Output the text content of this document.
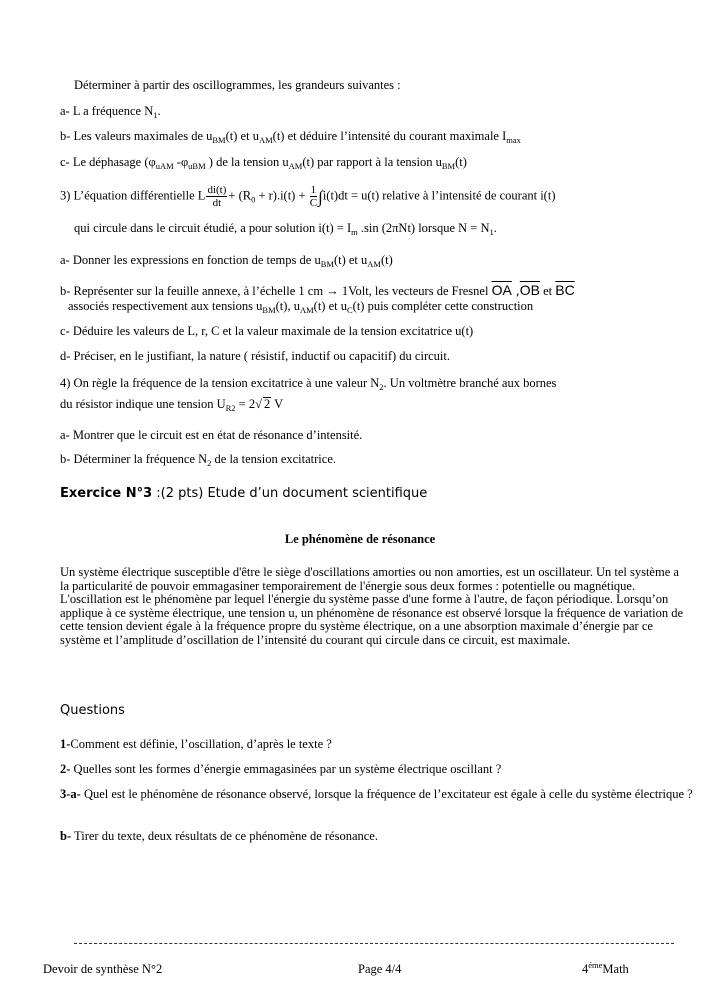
Déterminer à partir des oscillogrammes, les grandeurs suivantes :
a- L a fréquence $N_1$.
b- Les valeurs maximales de $u_{BM}(t)$ et $u_{AM}(t)$ et déduire l’intensité du courant maximale $I_{max}$
c- Le déphasage ($\varphi_{uAM}$ $-\varphi_{uBM}$ ) de la tension $u_{AM}(t)$ par rapport à la tension $u_{BM}(t)$
3) L’équation différentielle L $\frac{di(t)}{dt} + (R_0 + r).i(t) + \frac{1}{C} \int i(t)dt = u(t)$ relative à l’intensité de courant i(t)
qui circule dans le circuit étudié, a pour solution $i(t) = I_m$ .sin (2πNt) lorsque $N = N_1$.
a- Donner les expressions en fonction de temps de $u_{BM}(t)$ et $u_{AM}(t)$
b- Représenter sur la feuille annexe, à l’échelle 1 cm → 1Volt, les vecteurs de Fresnel $\overline{OA}$ $,\overline{OB}$ et $\overline{BC}$
associés respectivement aux tensions $u_{BM}(t)$, $u_{AM}(t)$ et $u_C(t)$ puis compléter cette construction
c- Déduire les valeurs de L, r, C et la valeur maximale de la tension excitatrice u(t)
d- Préciser, en le justifiant, la nature ( résistif, inductif ou capacitif) du circuit.
4) On règle la fréquence de la tension excitatrice à une valeur $N_2$. Un voltmètre branché aux bornes
du résistor indique une tension $U_{R2} = 2√$ 2 V
a- Montrer que le circuit est en état de résonance d’intensité.
b- Déterminer la fréquence $N_2$ de la tension excitatrice.
Exercice N°3 :(2 pts) Etude d’un document scientifique
Le phénomène de résonance
Un système électrique susceptible d'être le siège d'oscillations amorties ou non amorties, est un oscillateur. Un tel système a la particularité de pouvoir emmagasiner temporairement de l'énergie sous deux formes : potentielle ou magnétique. L'oscillation est le phénomène par lequel l'énergie du système passe d'une forme à l'autre, de façon périodique. Lorsqu’on applique à ce système électrique, une tension u, un phénomène de résonance est observé lorsque la fréquence de variation de cette tension devient égale à la fréquence propre du système électrique, on a une absorption maximale d’énergie par ce système et l’amplitude d’oscillation de l’intensité du courant qui circule dans ce circuit, est maximale.
Questions
1-Comment est définie, l’oscillation, d’après le texte ?
2- Quelles sont les formes d’énergie emmagasinées par un système électrique oscillant ?
3-a- Quel est le phénomène de résonance observé, lorsque la fréquence de l’excitateur est égale à celle du système électrique ?
b- Tirer du texte, deux résultats de ce phénomène de résonance.
Devoir de synthèse N°2	Page 4/4	$4^{éme}Math$
